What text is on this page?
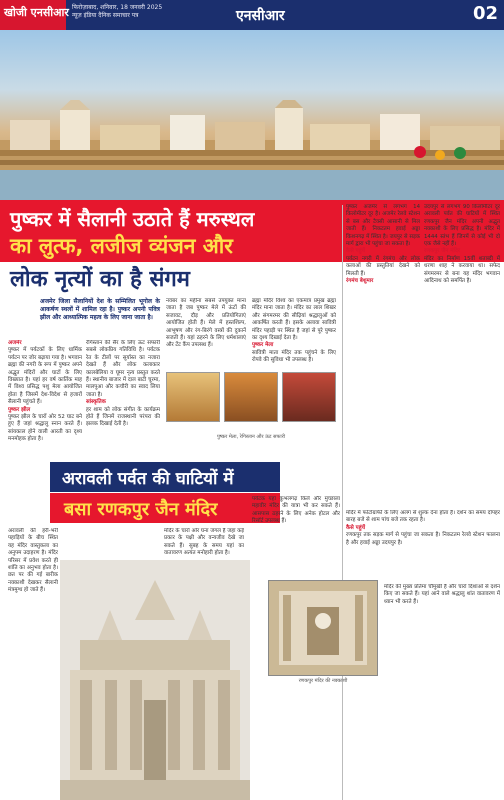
खोजी एनसीआर फिरोज़ाबाद, शनिवार, 18 जनवरी 2025
न्यूज़ इंडिया दैनिक समाचार पत्र	एनसीआर	02
पुष्कर में सैलानी उठाते हैं मरुस्थल
का लुत्फ, लजीज व्यंजन और
लोक नृत्यों का है संगम
अजमेर जिला सैलानियों देश के सम्मिलित भूगोल के आकर्षण स्थलों में शामिल रहा है। पुष्कर अपनी पवित्र झील और आध्यात्मिक महत्व के लिए जाना जाता है।
अजमेर
पुष्कर में पर्यटकों के लिए धार्मिक पर्यटन पर जोर बढ़ाया गया है। भगवान ब्रह्मा की नगरी के रूप में पुष्कर अपने अद्भुत मंदिरों और घाटों के लिए विख्यात है। यहां हर वर्ष कार्तिक माह में विश्व प्रसिद्ध पशु मेला आयोजित होता है जिसमें देश-विदेश से हजारों सैलानी पहुंचते हैं।
पुष्कर झील
पुष्कर झील के चारों ओर 52 घाट बने हुए हैं जहां श्रद्धालु स्नान करते हैं। सांयकाल होने वाली आरती का दृश्य मनमोहक होता है।
रेगिस्तान की सैर के लिए ऊंट सफारी सबसे लोकप्रिय गतिविधि है। पर्यटक रेत के टीलों पर सूर्यास्त का नजारा देखते हैं और लोक कलाकार कालबेलिया व घूमर नृत्य प्रस्तुत करते हैं। स्थानीय बाजार में दाल बाटी चूरमा, मालपुआ और कचौरी का स्वाद लिया जाता है।
सांस्कृतिक
हर शाम को लोक संगीत के कार्यक्रम होते हैं जिनमें राजस्थानी परंपरा की झलक दिखाई देती है।
नवंबर का महीना सबसे उपयुक्त माना जाता है जब पुष्कर मेले में ऊंटों की सजावट, दौड़ और प्रतियोगिताएं आयोजित होती हैं। मेले में हस्तशिल्प, आभूषण और रंग-बिरंगे वस्त्रों की दुकानें सजती हैं। यहां ठहरने के लिए धर्मशालाएं और टेंट कैंप उपलब्ध हैं।
ब्रह्मा मंदिर विश्व का एकमात्र प्रमुख ब्रह्मा मंदिर माना जाता है। मंदिर का लाल शिखर और संगमरमर की सीढ़ियां श्रद्धालुओं को आकर्षित करती हैं। इसके अलावा सावित्री मंदिर पहाड़ी पर स्थित है जहां से पूरे पुष्कर का दृश्य दिखाई देता है।
पुष्कर मेला
सावित्री माता मंदिर तक पहुंचने के लिए रोपवे की सुविधा भी उपलब्ध है।
पुष्कर मेला, रेगिस्तान और ऊंट सफारी
पुष्कर अजमेर से लगभग 14 किलोमीटर दूर है। अजमेर रेलवे स्टेशन से बस और टैक्सी आसानी से मिल जाती हैं। निकटतम हवाई अड्डा किशनगढ़ में स्थित है। जयपुर से सड़क मार्ग द्वारा भी पहुंचा जा सकता है।
कैसे पहुंचें
पर्यटन नगरी में रंगमंच और लोक कलाओं की प्रस्तुतियां देखने को मिलती हैं।
रंगमंच बेशुमार
उदयपुर से लगभग 90 किलोमीटर दूर अरावली पर्वत की घाटियों में स्थित रणकपुर जैन मंदिर अपनी अद्भुत नक्काशी के लिए प्रसिद्ध है। मंदिर में 1444 स्तंभ हैं जिनमें से कोई भी दो एक जैसे नहीं हैं।
रणकपुर जैन मंदिर
मंदिर का निर्माण 15वीं शताब्दी में धरणा शाह ने करवाया था। सफेद संगमरमर से बना यह मंदिर भगवान आदिनाथ को समर्पित है।
अरावली पर्वत की घाटियों में
बसा रणकपुर जैन मंदिर
अरावली की हरी-भरी पहाड़ियों के बीच स्थित यह मंदिर वास्तुकला का अनुपम उदाहरण है। मंदिर परिसर में प्रवेश करते ही शांति का अनुभव होता है। छत पर की गई बारीक नक्काशी देखकर सैलानी मंत्रमुग्ध हो जाते हैं।
मंदिर के चारों ओर घना जंगल है जहां कई प्रकार के पक्षी और वन्यजीव देखे जा सकते हैं। सुबह के समय यहां का वातावरण अत्यंत मनोहारी होता है।
पर्यटक यहां कुंभलगढ़ किले और मुच्छाला महावीर मंदिर की यात्रा भी कर सकते हैं। आसपास ठहरने के लिए अनेक होटल और रिसॉर्ट उपलब्ध हैं।
मंदिर में फोटोग्राफी के लिए अलग से शुल्क देना होता है। दर्शन का समय दोपहर बारह बजे से शाम पांच बजे तक रहता है।
कैसे पहुंचें
रणकपुर तक सड़क मार्ग से पहुंचा जा सकता है। निकटतम रेलवे स्टेशन फालना है और हवाई अड्डा उदयपुर है।
मंदिर की मुख्य प्रतिमा चौमुखी है और चारों दिशाओं से दर्शन किए जा सकते हैं। यहां आने वाले श्रद्धालु शांत वातावरण में ध्यान भी करते हैं।
रणकपुर मंदिर की नक्काशी
